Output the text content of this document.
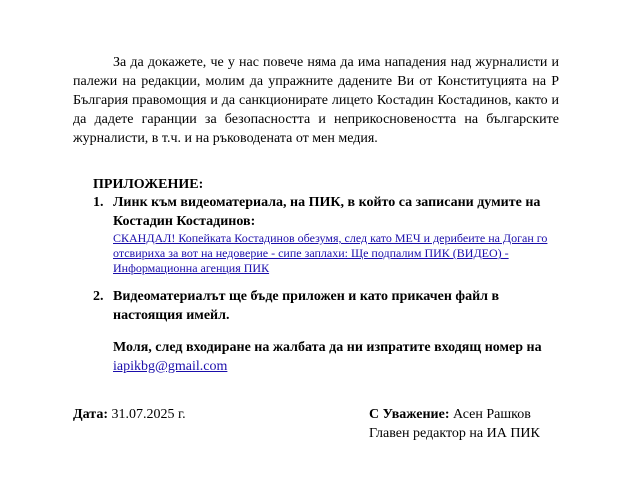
За да докажете, че у нас повече няма да има нападения над журналисти и палежи на редакции, молим да упражните дадените Ви от Конституцията на Р България правомощия и да санкционирате лицето Костадин Костадинов, както и да дадете гаранции за безопасността и неприкосновеността на българските журналисти, в т.ч. и на ръководената от мен медия.

ПРИЛОЖЕНИЕ:

1. Линк към видеоматериала, на ПИК, в който са записани думите на Костадин Костадинов:
СКАНДАЛ! Копейката Костадинов обезумя, след като МЕЧ и дерибеите на Доган го отсвириха за вот на недоверие - сипе заплахи: Ще подпалим ПИК (ВИДЕО) - Информационна агенция ПИК
2. Видеоматериалът ще бъде приложен и като прикачен файл в настоящия имейл.

Моля, след входиране на жалбата да ни изпратите входящ номер на iapikbg@gmail.com

Дата: 31.07.2025 г.	С Уважение: Асен Рашков
Главен редактор на ИА ПИК
